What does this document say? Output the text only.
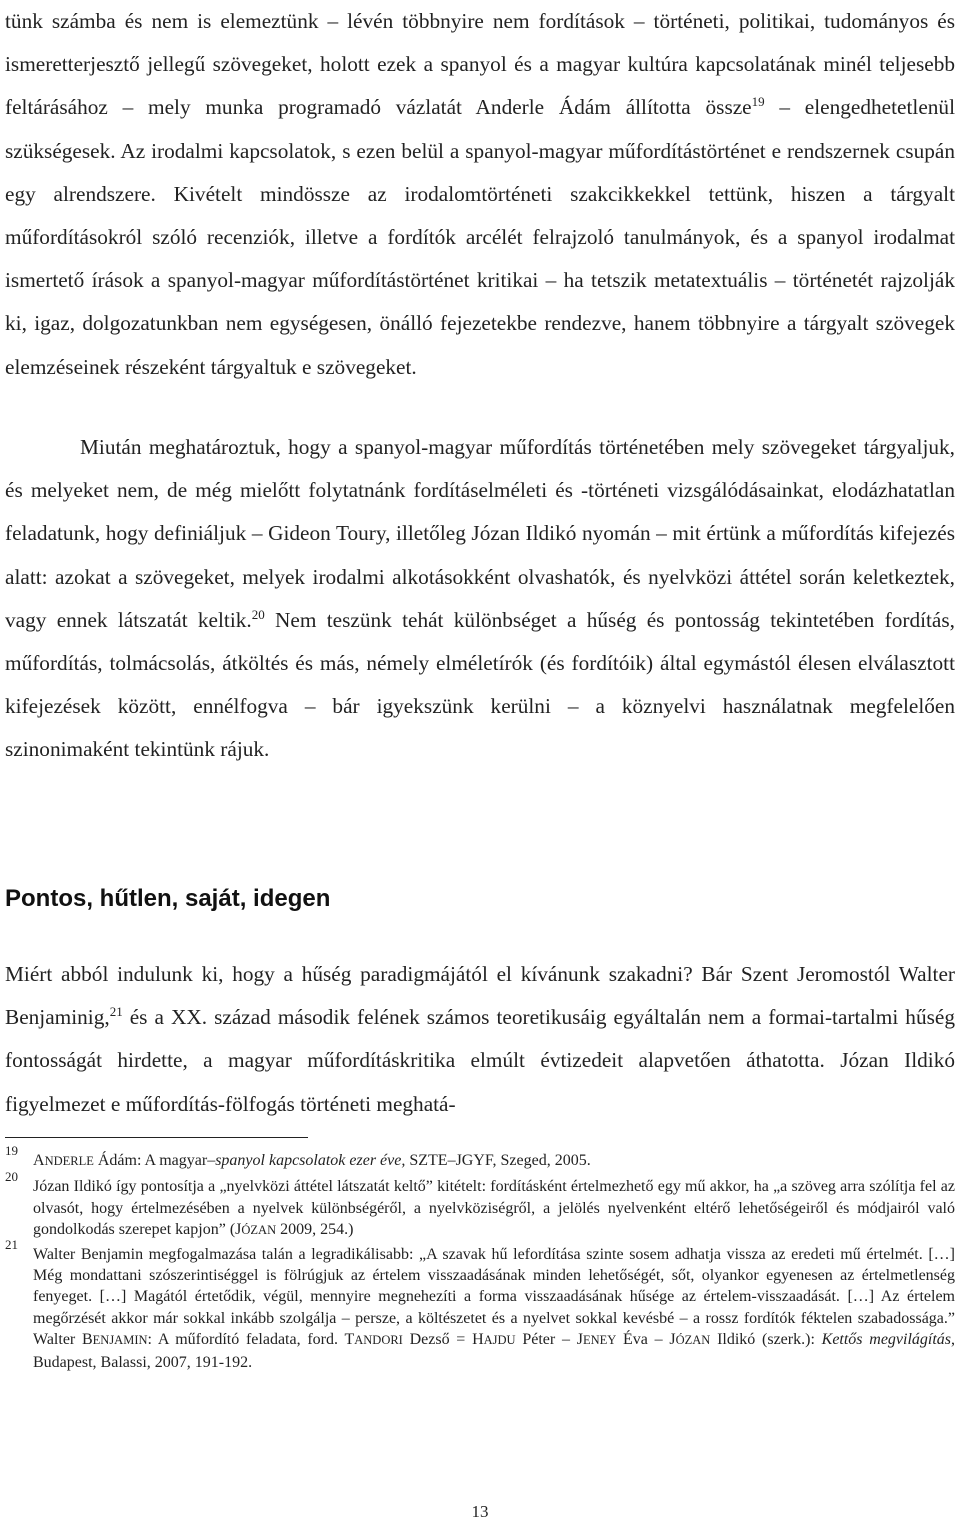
tünk számba és nem is elemeztünk – lévén többnyire nem fordítások – történeti, politikai, tudományos és ismeretterjesztő jellegű szövegeket, holott ezek a spanyol és a magyar kultúra kapcsolatának minél teljesebb feltárásához – mely munka programadó vázlatát Anderle Ádám állította össze$^{19}$ – elengedhetetlenül szükségesek. Az irodalmi kapcsolatok, s ezen belül a spanyol-magyar műfordítástörténet e rendszernek csupán egy alrendszere. Kivételt mindössze az irodalomtörténeti szakcikkekkel tettünk, hiszen a tárgyalt műfordításokról szóló recenziók, illetve a fordítók arcélét felrajzoló tanulmányok, és a spanyol irodalmat ismertető írások a spanyol-magyar műfordítástörténet kritikai – ha tetszik metatextuális – történetét rajzolják ki, igaz, dolgozatunkban nem egységesen, önálló fejezetekbe rendezve, hanem többnyire a tárgyalt szövegek elemzéseinek részeként tárgyaltuk e szövegeket.

Miután meghatároztuk, hogy a spanyol-magyar műfordítás történetében mely szövegeket tárgyaljuk, és melyeket nem, de még mielőtt folytatnánk fordításelméleti és -történeti vizsgálódásainkat, elodázhatatlan feladatunk, hogy definiáljuk – Gideon Toury, illetőleg Józan Ildikó nyomán – mit értünk a műfordítás kifejezés alatt: azokat a szövegeket, melyek irodalmi alkotásokként olvashatók, és nyelvközi áttétel során keletkeztek, vagy ennek látszatát keltik.$^{20}$ Nem teszünk tehát különbséget a hűség és pontosság tekintetében fordítás, műfordítás, tolmácsolás, átköltés és más, némely elméletírók (és fordítóik) által egymástól élesen elválasztott kifejezések között, ennélfogva – bár igyekszünk kerülni – a köznyelvi használatnak megfelelően szinonimaként tekintünk rájuk.

Pontos, hűtlen, saját, idegen

Miért abból indulunk ki, hogy a hűség paradigmájától el kívánunk szakadni? Bár Szent Jeromostól Walter Benjaminig,$^{21}$ és a XX. század második felének számos teoretikusáig egyáltalán nem a formai-tartalmi hűség fontosságát hirdette, a magyar műfordításkritika elmúlt évtizedeit alapvetően áthatotta. Józan Ildikó figyelmezet e műfordítás-fölfogás történeti meghatá-

19
ANDERLE Ádám: A magyar–spanyol kapcsolatok ezer éve, SZTE–JGYF, Szeged, 2005.
20
Józan Ildikó így pontosítja a „nyelvközi áttétel látszatát keltő” kitételt: fordításként értelmezhető egy mű akkor, ha „a szöveg arra szólítja fel az olvasót, hogy értelmezésében a nyelvek különbségéről, a nyelvköziségről, a jelölés nyelvenként eltérő lehetőségeiről és módjairól való gondolkodás szerepet kapjon” (JÓZAN 2009, 254.)
21
Walter Benjamin megfogalmazása talán a legradikálisabb: „A szavak hű lefordítása szinte sosem adhatja vissza az eredeti mű értelmét. […] Még mondattani szószerintiséggel is fölrúgjuk az értelem visszaadásának minden lehetőségét, sőt, olyankor egyenesen az értelmetlenség fenyeget. […] Magától értetődik, végül, mennyire megnehezíti a forma visszaadásának hűsége az értelem-visszaadását. […] Az értelem megőrzését akkor már sokkal inkább szolgálja – persze, a költészetet és a nyelvet sokkal kevésbé – a rossz fordítók féktelen szabadossága.” Walter BENJAMIN: A műfordító feladata, ford. TANDORI Dezső = HAJDU Péter – JENEY Éva – JÓZAN Ildikó (szerk.): Kettős megvilágítás, Budapest, Balassi, 2007, 191-192.
13
